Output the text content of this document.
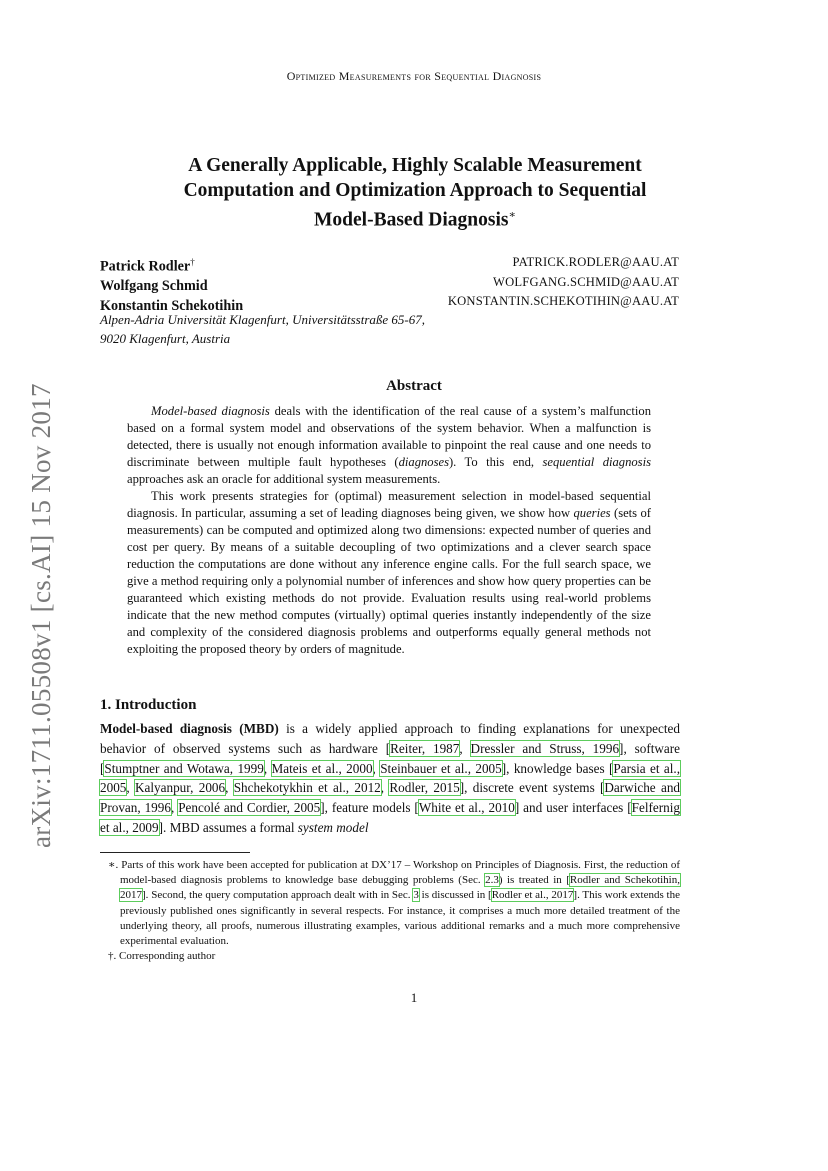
Optimized Measurements for Sequential Diagnosis
A Generally Applicable, Highly Scalable Measurement
Computation and Optimization Approach to Sequential
Model-Based Diagnosis∗
Patrick Rodler†
Wolfgang Schmid
Konstantin Schekotihin
PATRICK.RODLER@AAU.AT
WOLFGANG.SCHMID@AAU.AT
KONSTANTIN.SCHEKOTIHIN@AAU.AT
Alpen-Adria Universität Klagenfurt, Universitätsstraße 65-67,
9020 Klagenfurt, Austria
arXiv:1711.05508v1 [cs.AI] 15 Nov 2017	Abstract

Model-based diagnosis deals with the identification of the real cause of a system’s malfunction based on a formal system model and observations of the system behavior. When a malfunction is detected, there is usually not enough information available to pinpoint the real cause and one needs to discriminate between multiple fault hypotheses (diagnoses). To this end, sequential diagnosis approaches ask an oracle for additional system measurements.

This work presents strategies for (optimal) measurement selection in model-based sequential diagnosis. In particular, assuming a set of leading diagnoses being given, we show how queries (sets of measurements) can be computed and optimized along two dimensions: expected number of queries and cost per query. By means of a suitable decoupling of two optimizations and a clever search space reduction the computations are done without any inference engine calls. For the full search space, we give a method requiring only a polynomial number of inferences and show how query properties can be guaranteed which existing methods do not provide. Evaluation results using real-world problems indicate that the new method computes (virtually) optimal queries instantly independently of the size and complexity of the considered diagnosis problems and outperforms equally general methods not exploiting the proposed theory by orders of magnitude.

1. Introduction

Model-based diagnosis (MBD) is a widely applied approach to finding explanations for unexpected behavior of observed systems such as hardware [Reiter, 1987, Dressler and Struss, 1996], software [Stumptner and Wotawa, 1999, Mateis et al., 2000, Steinbauer et al., 2005], knowledge bases [Parsia et al., 2005, Kalyanpur, 2006, Shchekotykhin et al., 2012, Rodler, 2015], discrete event systems [Darwiche and Provan, 1996, Pencolé and Cordier, 2005], feature models [White et al., 2010] and user interfaces [Felfernig et al., 2009]. MBD assumes a formal system model

∗. Parts of this work have been accepted for publication at DX’17 – Workshop on Principles of Diagnosis. First, the reduction of model-based diagnosis problems to knowledge base debugging problems (Sec. 2.3) is treated in [Rodler and Schekotihin, 2017]. Second, the query computation approach dealt with in Sec. 3 is discussed in [Rodler et al., 2017]. This work extends the previously published ones significantly in several respects. For instance, it comprises a much more detailed treatment of the underlying theory, all proofs, numerous illustrating examples, various additional remarks and a much more comprehensive experimental evaluation.

†. Corresponding author

1
